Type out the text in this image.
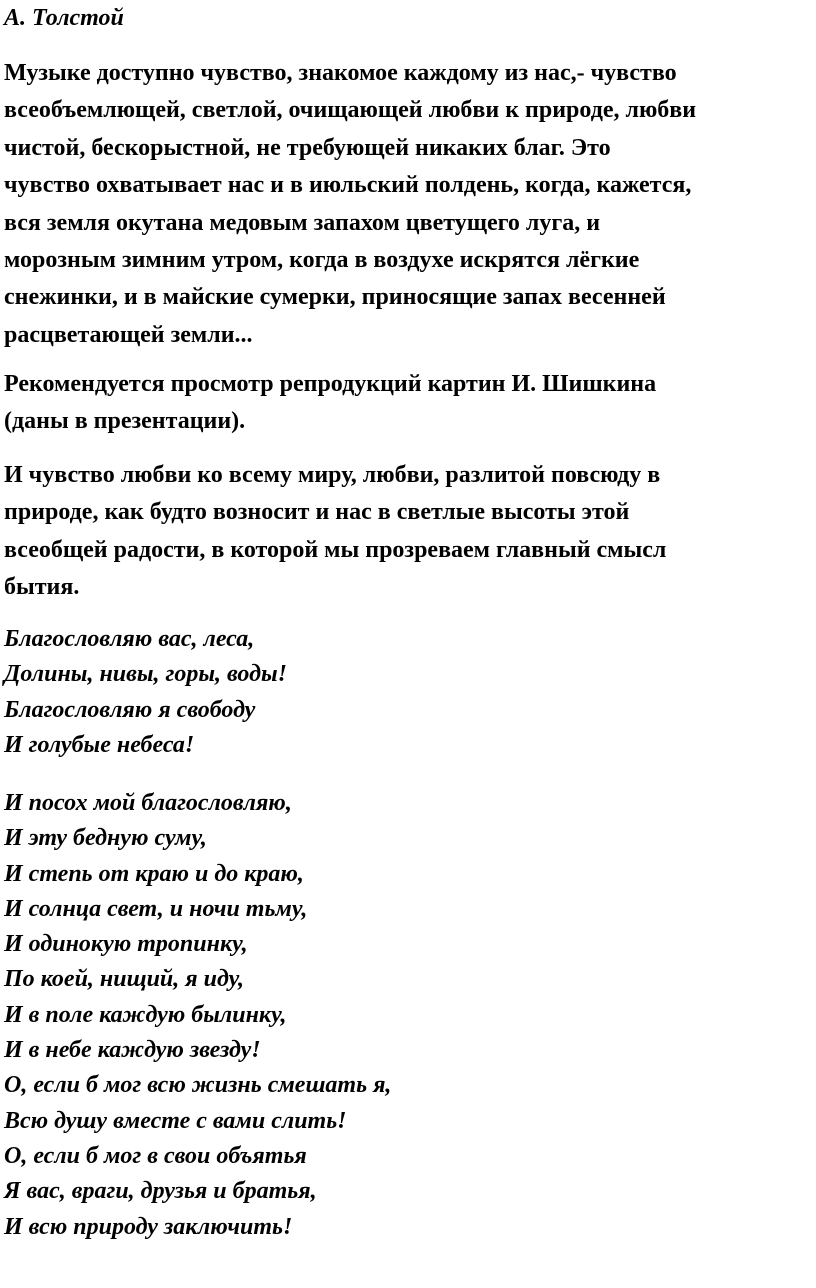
А. Толстой

Музыке доступно чувство, знакомое каждому из нас,- чувство
всеобъемлющей, светлой, очищающей любви к природе, любви
чистой, бескорыстной, не требующей никаких благ. Это
чувство охватывает нас и в июльский полдень, когда, кажется,
вся земля окутана медовым запахом цветущего луга, и
морозным зимним утром, когда в воздухе искрятся лёгкие
снежинки, и в майские сумерки, приносящие запах весенней
расцветающей земли...

Рекомендуется просмотр репродукций картин И. Шишкина
(даны в презентации).

И чувство любви ко всему миру, любви, разлитой повсюду в
природе, как будто возносит и нас в светлые высоты этой
всеобщей радости, в которой мы прозреваем главный смысл
бытия.

Благословляю вас, леса,
Долины, нивы, горы, воды!
Благословляю я свободу
И голубые небеса!

И посох мой благословляю,
И эту бедную суму,
И степь от краю и до краю,
И солнца свет, и ночи тьму,
И одинокую тропинку,
По коей, нищий, я иду,
И в поле каждую былинку,
И в небе каждую звезду!
О, если б мог всю жизнь смешать я,
Всю душу вместе с вами слить!
О, если б мог в свои объятья
Я вас, враги, друзья и братья,
И всю природу заключить!
